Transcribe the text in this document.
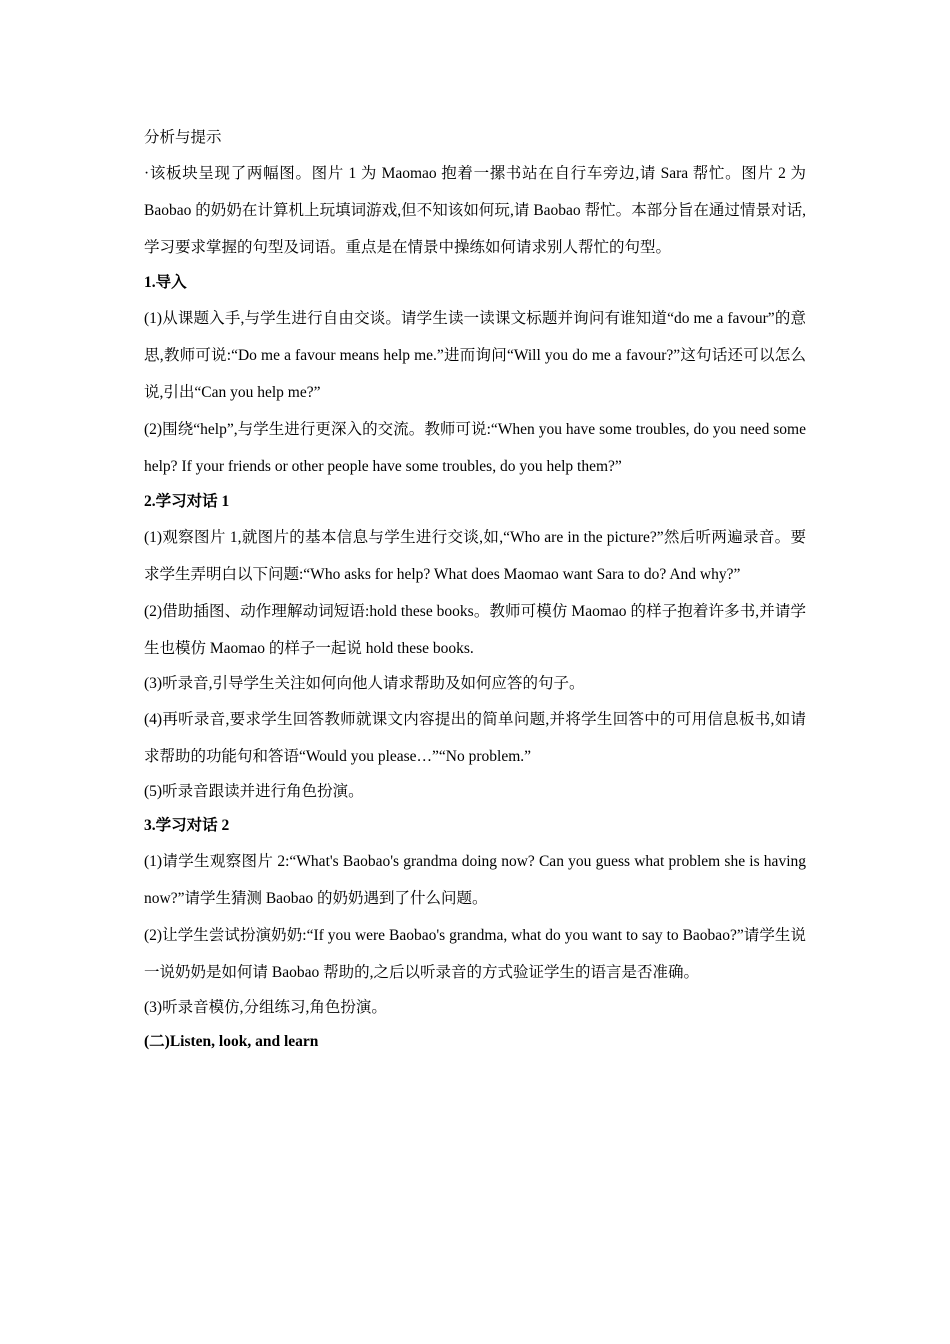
分析与提示

·该板块呈现了两幅图。图片 1 为 Maomao 抱着一摞书站在自行车旁边,请 Sara 帮忙。图片 2 为 Baobao 的奶奶在计算机上玩填词游戏,但不知该如何玩,请 Baobao 帮忙。本部分旨在通过情景对话,学习要求掌握的句型及词语。重点是在情景中操练如何请求别人帮忙的句型。

1.导入

(1)从课题入手,与学生进行自由交谈。请学生读一读课文标题并询问有谁知道“do me a favour”的意思,教师可说:“Do me a favour means help me.”进而询问“Will you do me a favour?”这句话还可以怎么说,引出“Can you help me?”

(2)围绕“help”,与学生进行更深入的交流。教师可说:“When you have some troubles, do you need some help? If your friends or other people have some troubles, do you help them?”

2.学习对话 1

(1)观察图片 1,就图片的基本信息与学生进行交谈,如,“Who are in the picture?”然后听两遍录音。要求学生弄明白以下问题:“Who asks for help? What does Maomao want Sara to do? And why?”

(2)借助插图、动作理解动词短语:hold these books。教师可模仿 Maomao 的样子抱着许多书,并请学生也模仿 Maomao 的样子一起说 hold these books.

(3)听录音,引导学生关注如何向他人请求帮助及如何应答的句子。

(4)再听录音,要求学生回答教师就课文内容提出的简单问题,并将学生回答中的可用信息板书,如请求帮助的功能句和答语“Would you please…”“No problem.”

(5)听录音跟读并进行角色扮演。

3.学习对话 2

(1)请学生观察图片 2:“What's Baobao's grandma doing now? Can you guess what problem she is having now?”请学生猜测 Baobao 的奶奶遇到了什么问题。

(2)让学生尝试扮演奶奶:“If you were Baobao's grandma, what do you want to say to Baobao?”请学生说一说奶奶是如何请 Baobao 帮助的,之后以听录音的方式验证学生的语言是否准确。

(3)听录音模仿,分组练习,角色扮演。

(二)Listen, look, and learn
